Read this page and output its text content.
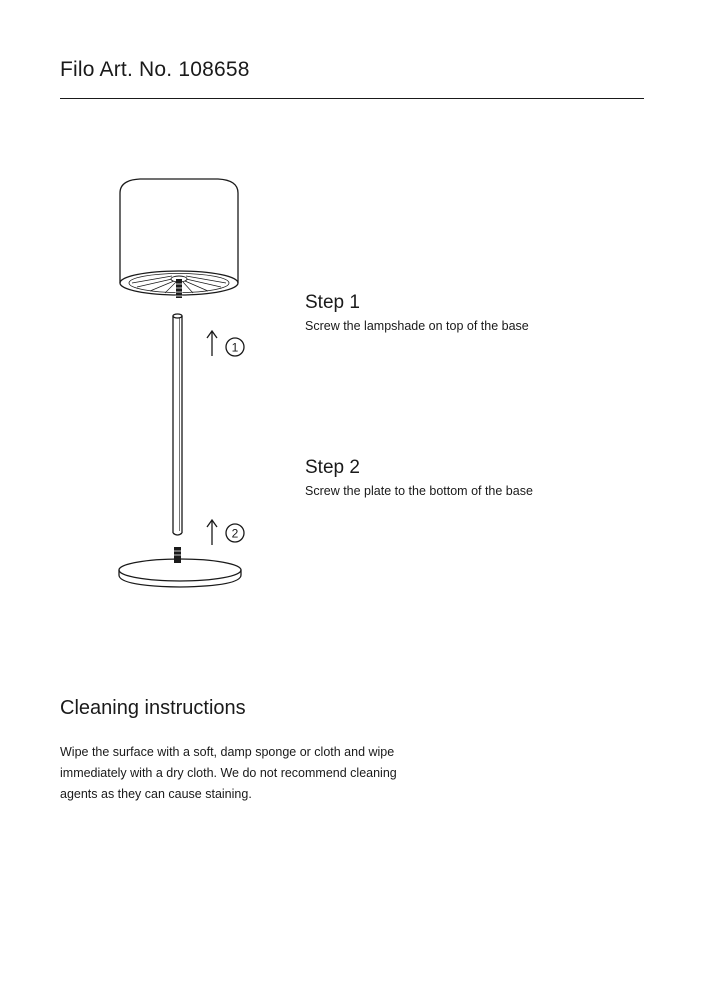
Filo Art. No. 108658
1
2
Step 1

Screw the lampshade on top of the base

Step 2

Screw the plate to the bottom of the base

Cleaning instructions

Wipe the surface with a soft, damp sponge or cloth and wipe
immediately with a dry cloth. We do not recommend cleaning
agents as they can cause staining.
